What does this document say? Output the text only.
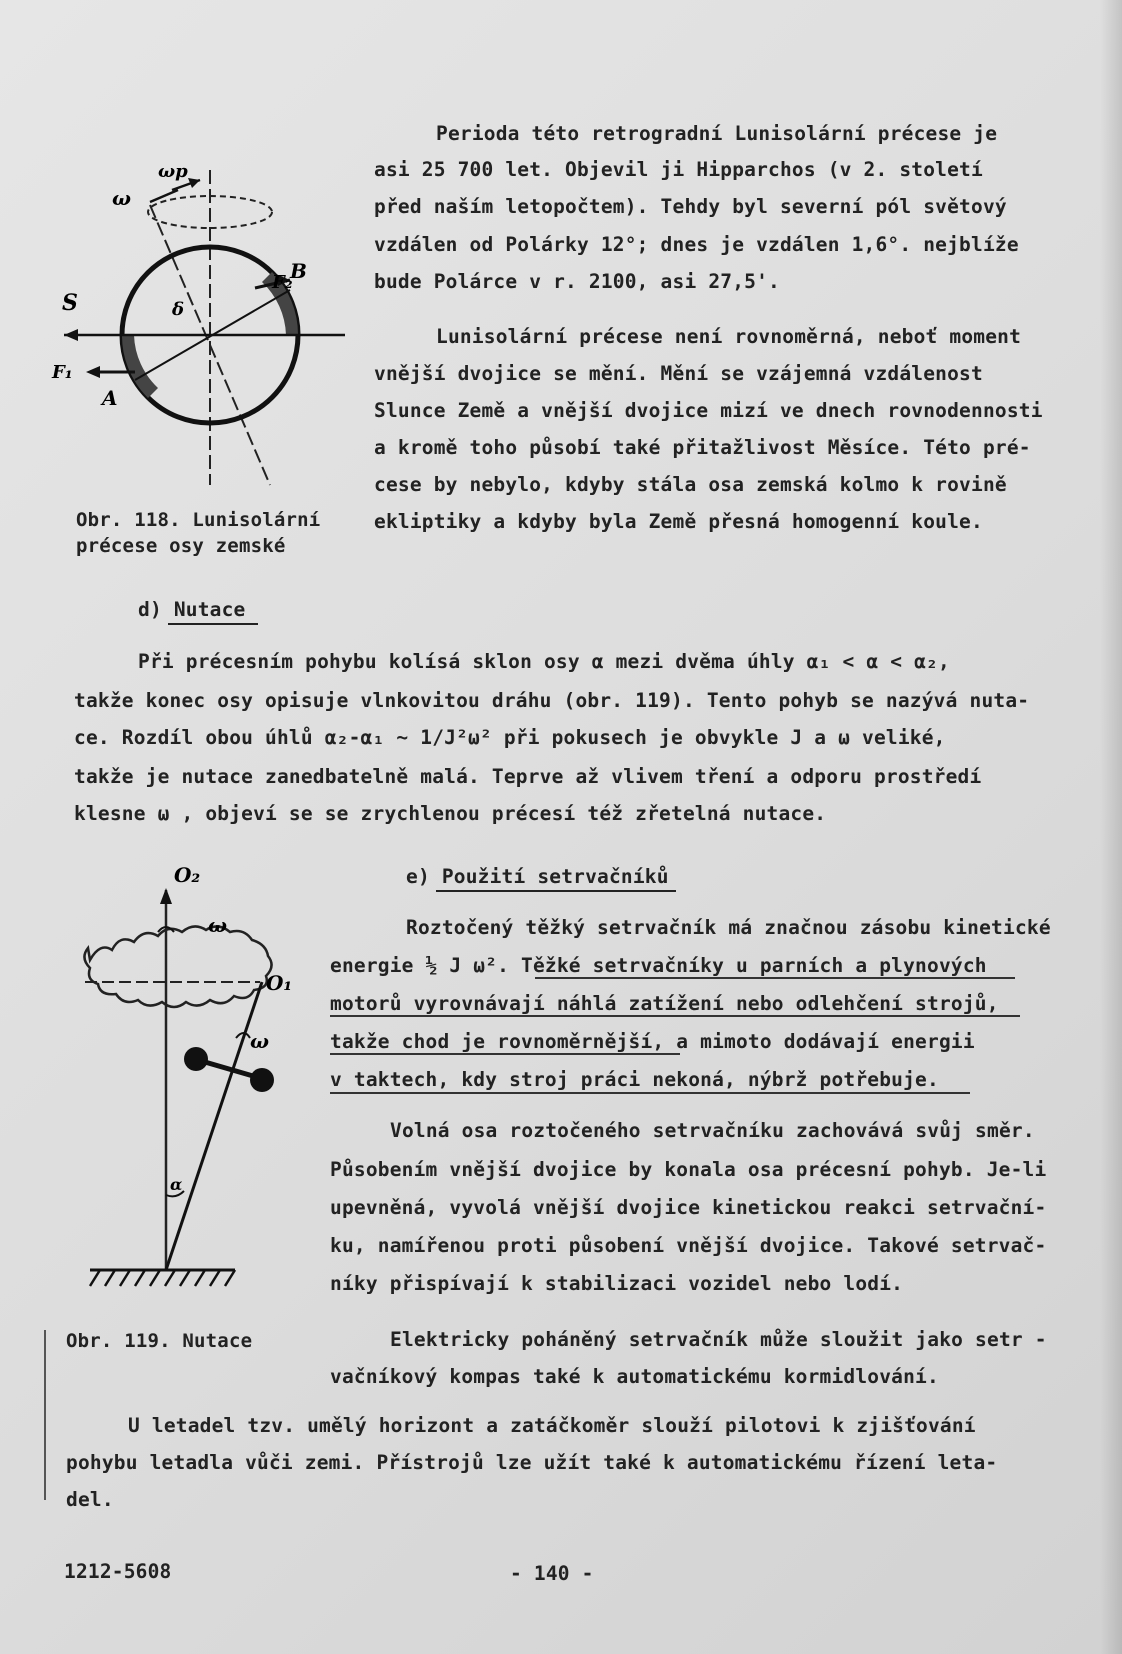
Perioda této retrogradní Lunisolární précese je
asi 25 700 let. Objevil ji Hipparchos (v 2. století
před naším letopočtem). Tehdy byl severní pól světový
vzdálen od Polárky 12°; dnes je vzdálen 1,6°. nejblíže
bude Polárce v r. 2100, asi 27,5'.
Lunisolární précese není rovnoměrná, neboť moment
vnější dvojice se mění. Mění se vzájemná vzdálenost
Slunce Země a vnější dvojice mizí ve dnech rovnodennosti
a kromě toho působí také přitažlivost Měsíce. Této pré-
cese by nebylo, kdyby stála osa zemská kolmo k rovině
ekliptiky a kdyby byla Země přesná homogenní koule.
Obr. 118. Lunisolární
précese osy zemské
ω
ωp
F₂
B
S	δ
F₁
A
d) Nutace
Při précesním pohybu kolísá sklon osy α mezi dvěma úhly α₁ < α < α₂,
takže konec osy opisuje vlnkovitou dráhu (obr. 119). Tento pohyb se nazývá nuta-
ce. Rozdíl obou úhlů α₂-α₁ ~ 1/J²ω² při pokusech je obvykle J a ω veliké,
takže je nutace zanedbatelně malá. Teprve až vlivem tření a odporu prostředí
klesne ω , objeví se se zrychlenou précesí též zřetelná nutace.
e) Použití setrvačníků
Roztočený těžký setrvačník má značnou zásobu kinetické
energie ½ J ω². Těžké setrvačníky u parních a plynových
motorů vyrovnávají náhlá zatížení nebo odlehčení strojů,
takže chod je rovnoměrnější, a mimoto dodávají energii
v taktech, kdy stroj práci nekoná, nýbrž potřebuje.
Volná osa roztočeného setrvačníku zachovává svůj směr.
Působením vnější dvojice by konala osa précesní pohyb. Je-li
upevněná, vyvolá vnější dvojice kinetickou reakci setrvační-
ku, namířenou proti působení vnější dvojice. Takové setrvač-
níky přispívají k stabilizaci vozidel nebo lodí.
Obr. 119. Nutace
O₂
ω
O₁
ω
α
Elektricky poháněný setrvačník může sloužit jako setr -
vačníkový kompas také k automatickému kormidlování.
U letadel tzv. umělý horizont a zatáčkoměr slouží pilotovi k zjišťování
pohybu letadla vůči zemi. Přístrojů lze užít také k automatickému řízení leta-
del.
1212-5608	- 140 -
